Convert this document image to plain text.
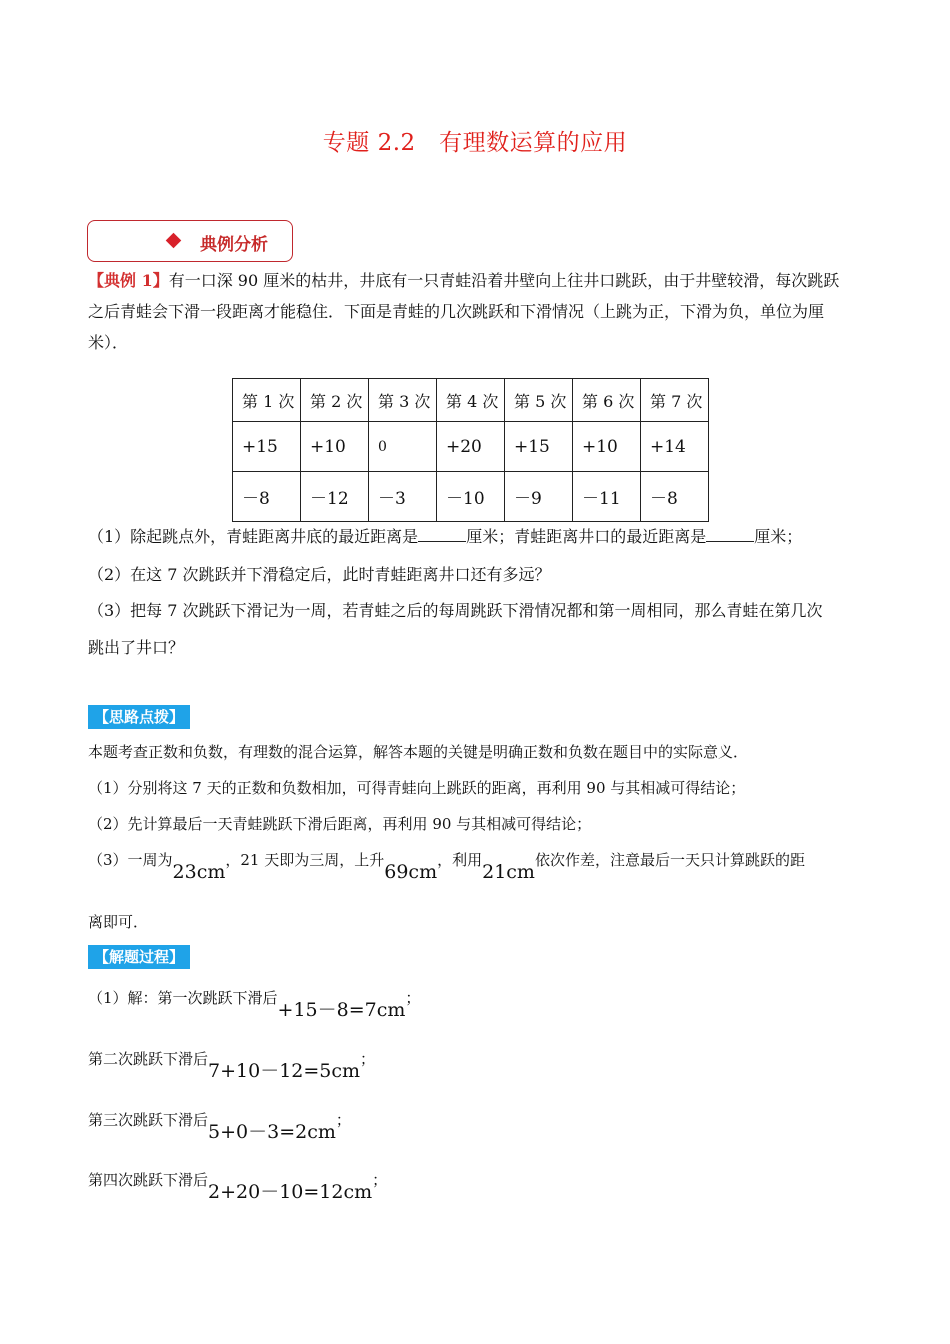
专题 2.2　有理数运算的应用
典例分析
【典例 1】有一口深 90 厘米的枯井，井底有一只青蛙沿着井壁向上往井口跳跃，由于井壁较滑，每次跳跃
之后青蛙会下滑一段距离才能稳住．下面是青蛙的几次跳跃和下滑情况（上跳为正，下滑为负，单位为厘
米）．
第 1 次	第 2 次	第 3 次	第 4 次	第 5 次	第 6 次	第 7 次
+15	+10	0	+20	+15	+10	+14
－8	－12	－3	－10	－9	－11	－8
（1）除起跳点外，青蛙距离井底的最近距离是	厘米；青蛙距离井口的最近距离是	厘米；
（2）在这 7 次跳跃并下滑稳定后，此时青蛙距离井口还有多远？
（3）把每 7 次跳跃下滑记为一周，若青蛙之后的每周跳跃下滑情况都和第一周相同，那么青蛙在第几次
跳出了井口？
【思路点拨】
本题考查正数和负数，有理数的混合运算，解答本题的关键是明确正数和负数在题目中的实际意义．
（1）分别将这 7 天的正数和负数相加，可得青蛙向上跳跃的距离，再利用 90 与其相减可得结论；
（2）先计算最后一天青蛙跳跃下滑后距离，再利用 90 与其相减可得结论；
（3）一周为23cm，21 天即为三周，上升69cm，利用21cm依次作差，注意最后一天只计算跳跃的距
离即可．
【解题过程】
（1）解：第一次跳跃下滑后+15－8=7cm；
第二次跳跃下滑后7+10－12=5cm；
第三次跳跃下滑后5+0－3=2cm；
第四次跳跃下滑后2+20－10=12cm；
